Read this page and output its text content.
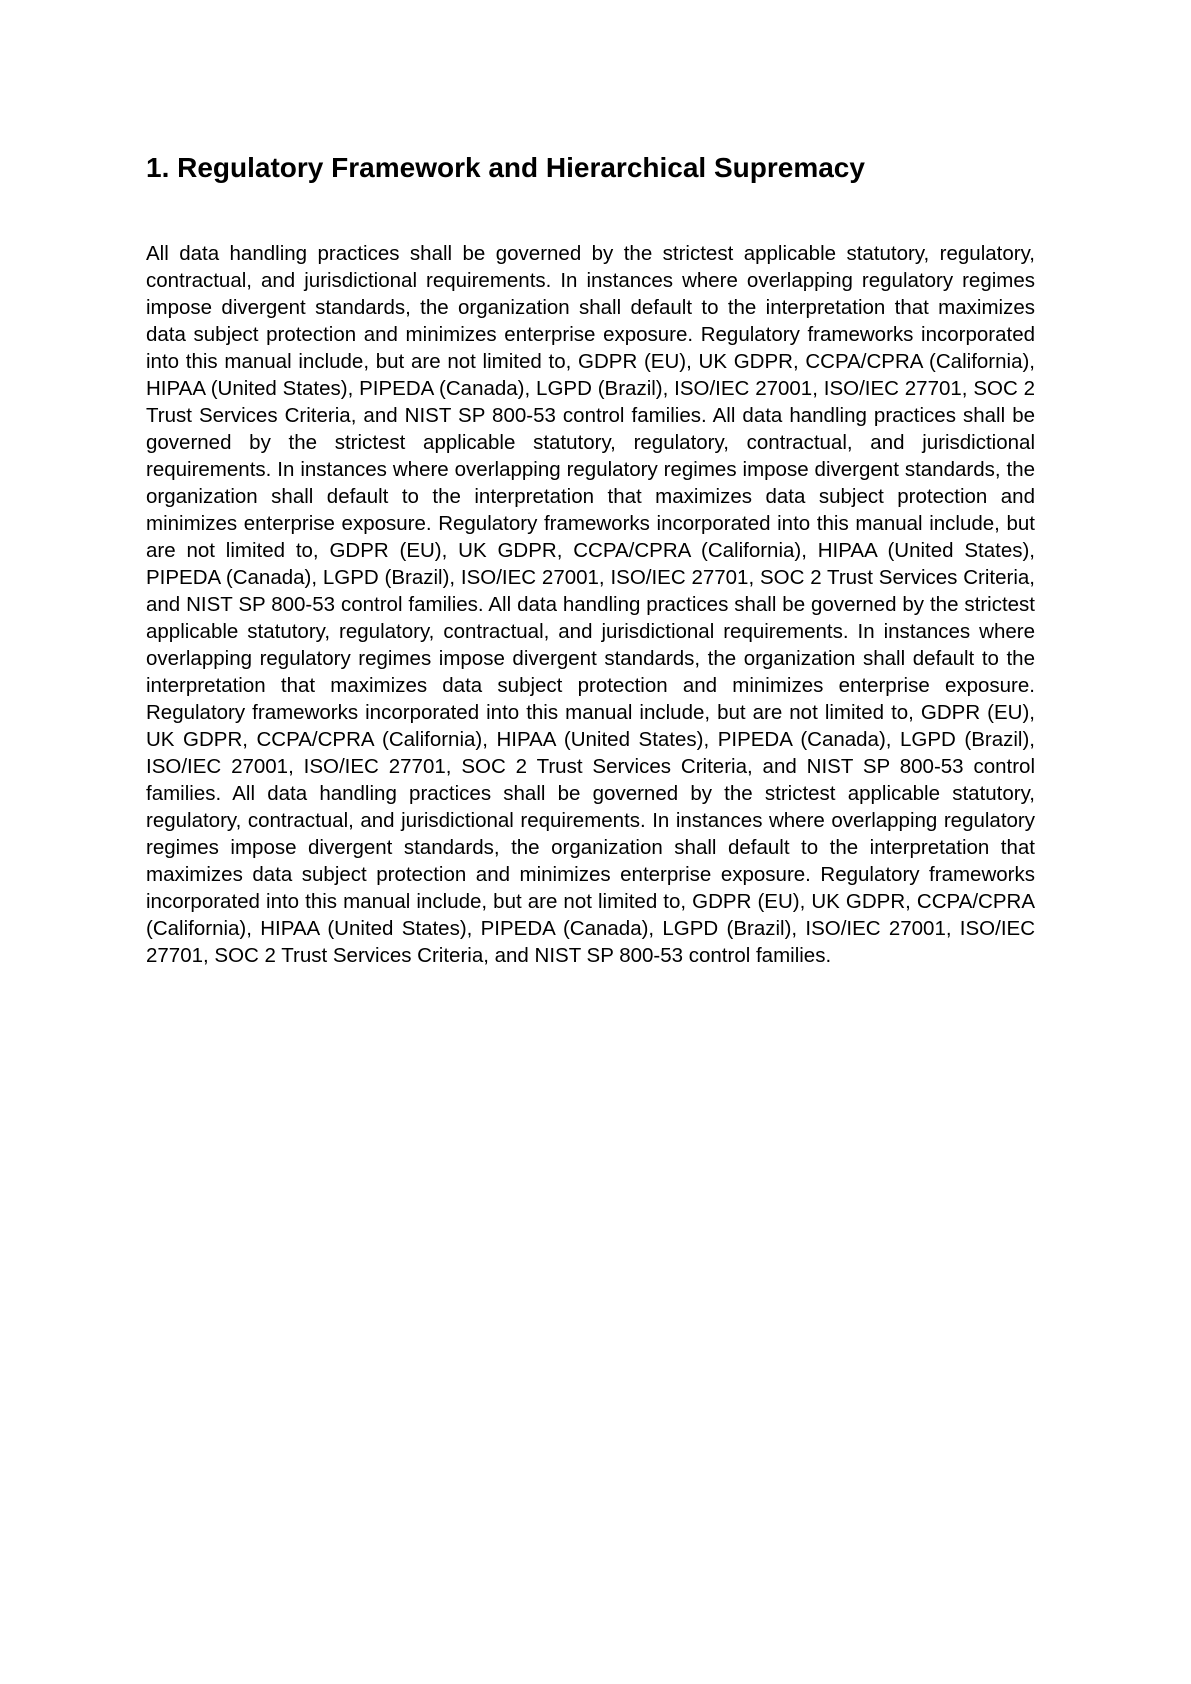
1. Regulatory Framework and Hierarchical Supremacy

All data handling practices shall be governed by the strictest applicable statutory, regulatory, contractual, and jurisdictional requirements. In instances where overlapping regulatory regimes impose divergent standards, the organization shall default to the interpretation that maximizes data subject protection and minimizes enterprise exposure. Regulatory frameworks incorporated into this manual include, but are not limited to, GDPR (EU), UK GDPR, CCPA/CPRA (California), HIPAA (United States), PIPEDA (Canada), LGPD (Brazil), ISO/IEC 27001, ISO/IEC 27701, SOC 2 Trust Services Criteria, and NIST SP 800-53 control families. All data handling practices shall be governed by the strictest applicable statutory, regulatory, contractual, and jurisdictional requirements. In instances where overlapping regulatory regimes impose divergent standards, the organization shall default to the interpretation that maximizes data subject protection and minimizes enterprise exposure. Regulatory frameworks incorporated into this manual include, but are not limited to, GDPR (EU), UK GDPR, CCPA/CPRA (California), HIPAA (United States), PIPEDA (Canada), LGPD (Brazil), ISO/IEC 27001, ISO/IEC 27701, SOC 2 Trust Services Criteria, and NIST SP 800-53 control families. All data handling practices shall be governed by the strictest applicable statutory, regulatory, contractual, and jurisdictional requirements. In instances where overlapping regulatory regimes impose divergent standards, the organization shall default to the interpretation that maximizes data subject protection and minimizes enterprise exposure. Regulatory frameworks incorporated into this manual include, but are not limited to, GDPR (EU), UK GDPR, CCPA/CPRA (California), HIPAA (United States), PIPEDA (Canada), LGPD (Brazil), ISO/IEC 27001, ISO/IEC 27701, SOC 2 Trust Services Criteria, and NIST SP 800-53 control families. All data handling practices shall be governed by the strictest applicable statutory, regulatory, contractual, and jurisdictional requirements. In instances where overlapping regulatory regimes impose divergent standards, the organization shall default to the interpretation that maximizes data subject protection and minimizes enterprise exposure. Regulatory frameworks incorporated into this manual include, but are not limited to, GDPR (EU), UK GDPR, CCPA/CPRA (California), HIPAA (United States), PIPEDA (Canada), LGPD (Brazil), ISO/IEC 27001, ISO/IEC 27701, SOC 2 Trust Services Criteria, and NIST SP 800-53 control families.
